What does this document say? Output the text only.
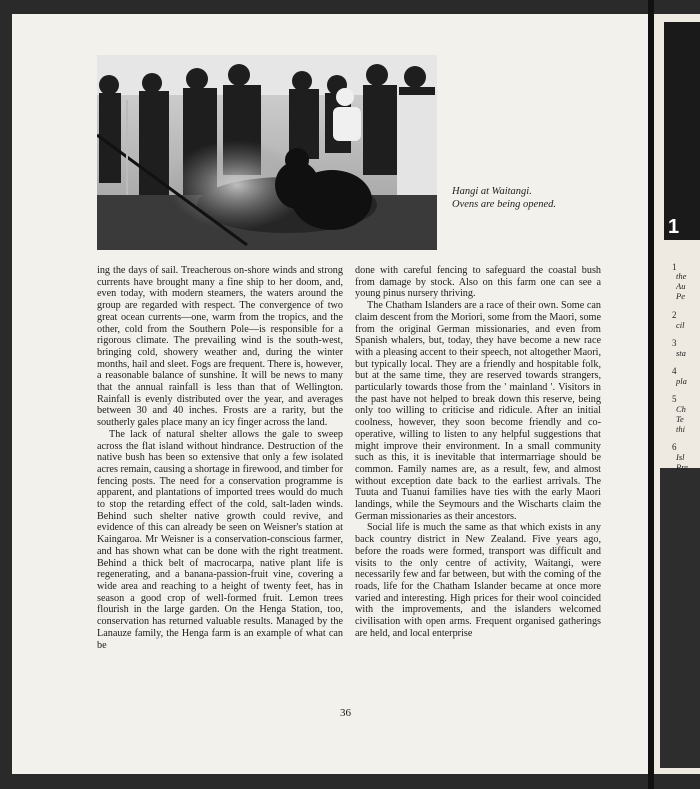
1
Hangi at Waitangi.
Ovens are being opened.

ing the days of sail. Treacherous on-shore winds and strong currents have brought many a fine ship to her doom, and, even today, with modern steamers, the waters around the group are regarded with respect. The convergence of two great ocean currents—one, warm from the tropics, and the other, cold from the Southern Pole—is responsible for a rigorous climate. The prevailing wind is the south-west, bringing cold, showery weather and, during the winter months, hail and sleet. Fogs are frequent. There is, however, a reasonable balance of sunshine. It will be news to many that the annual rainfall is less than that of Wellington. Rainfall is evenly distributed over the year, and averages between 30 and 40 inches. Frosts are a rarity, but the southerly gales place many an icy finger across the land.

The lack of natural shelter allows the gale to sweep across the flat island without hindrance. Destruction of the native bush has been so extensive that only a few isolated acres remain, causing a shortage in firewood, and timber for fencing posts. The need for a conservation programme is apparent, and plantations of imported trees would do much to stop the retarding effect of the cold, salt-laden winds. Behind such shelter native growth could revive, and evidence of this can already be seen on Weisner's station at Kaingaroa. Mr Weisner is a conservation-conscious farmer, and has shown what can be done with the right treatment. Behind a thick belt of macrocarpa, native plant life is regenerating, and a banana-passion-fruit vine, covering a wide area and reaching to a height of twenty feet, has in season a good crop of well-formed fruit. Lemon trees flourish in the large garden. On the Henga Station, too, conservation has returned valuable results. Managed by the Lanauze family, the Henga farm is an example of what can be

done with careful fencing to safeguard the coastal bush from damage by stock. Also on this farm one can see a young pinus nursery thriving.

The Chatham Islanders are a race of their own. Some can claim descent from the Moriori, some from the Maori, some from the original German missionaries, and even from Spanish whalers, but, today, they have become a new race with a pleasing accent to their speech, not altogether Maori, but typically local. They are a friendly and hospitable folk, but at the same time, they are reserved towards strangers, particularly towards those from the ' mainland '. Visitors in the past have not helped to break down this reserve, being only too willing to criticise and ridicule. After an initial coolness, however, they soon become friendly and co-operative, willing to listen to any helpful suggestions that might improve their environment. In a small community such as this, it is inevitable that intermarriage should be common. Family names are, as a result, few, and almost without exception date back to the earliest arrivals. The Tuuta and Tuanui families have ties with the early Maori landings, while the Seymours and the Wischarts claim the German missionaries as their ancestors.

Social life is much the same as that which exists in any back country district in New Zealand. Five years ago, before the roads were formed, transport was difficult and visits to the only centre of activity, Waitangi, were necessarily few and far between, but with the coming of the roads, life for the Chatham Islander became at once more varied and interesting. High prices for their wool coincided with the improvements, and the islanders welcomed civilisation with open arms. Frequent organised gatherings are held, and local enterprise

36
1
the
Au
Pe
2
cil
3
sta
4
pla
5
Ch
Te
thi
6
Isl
Pre
